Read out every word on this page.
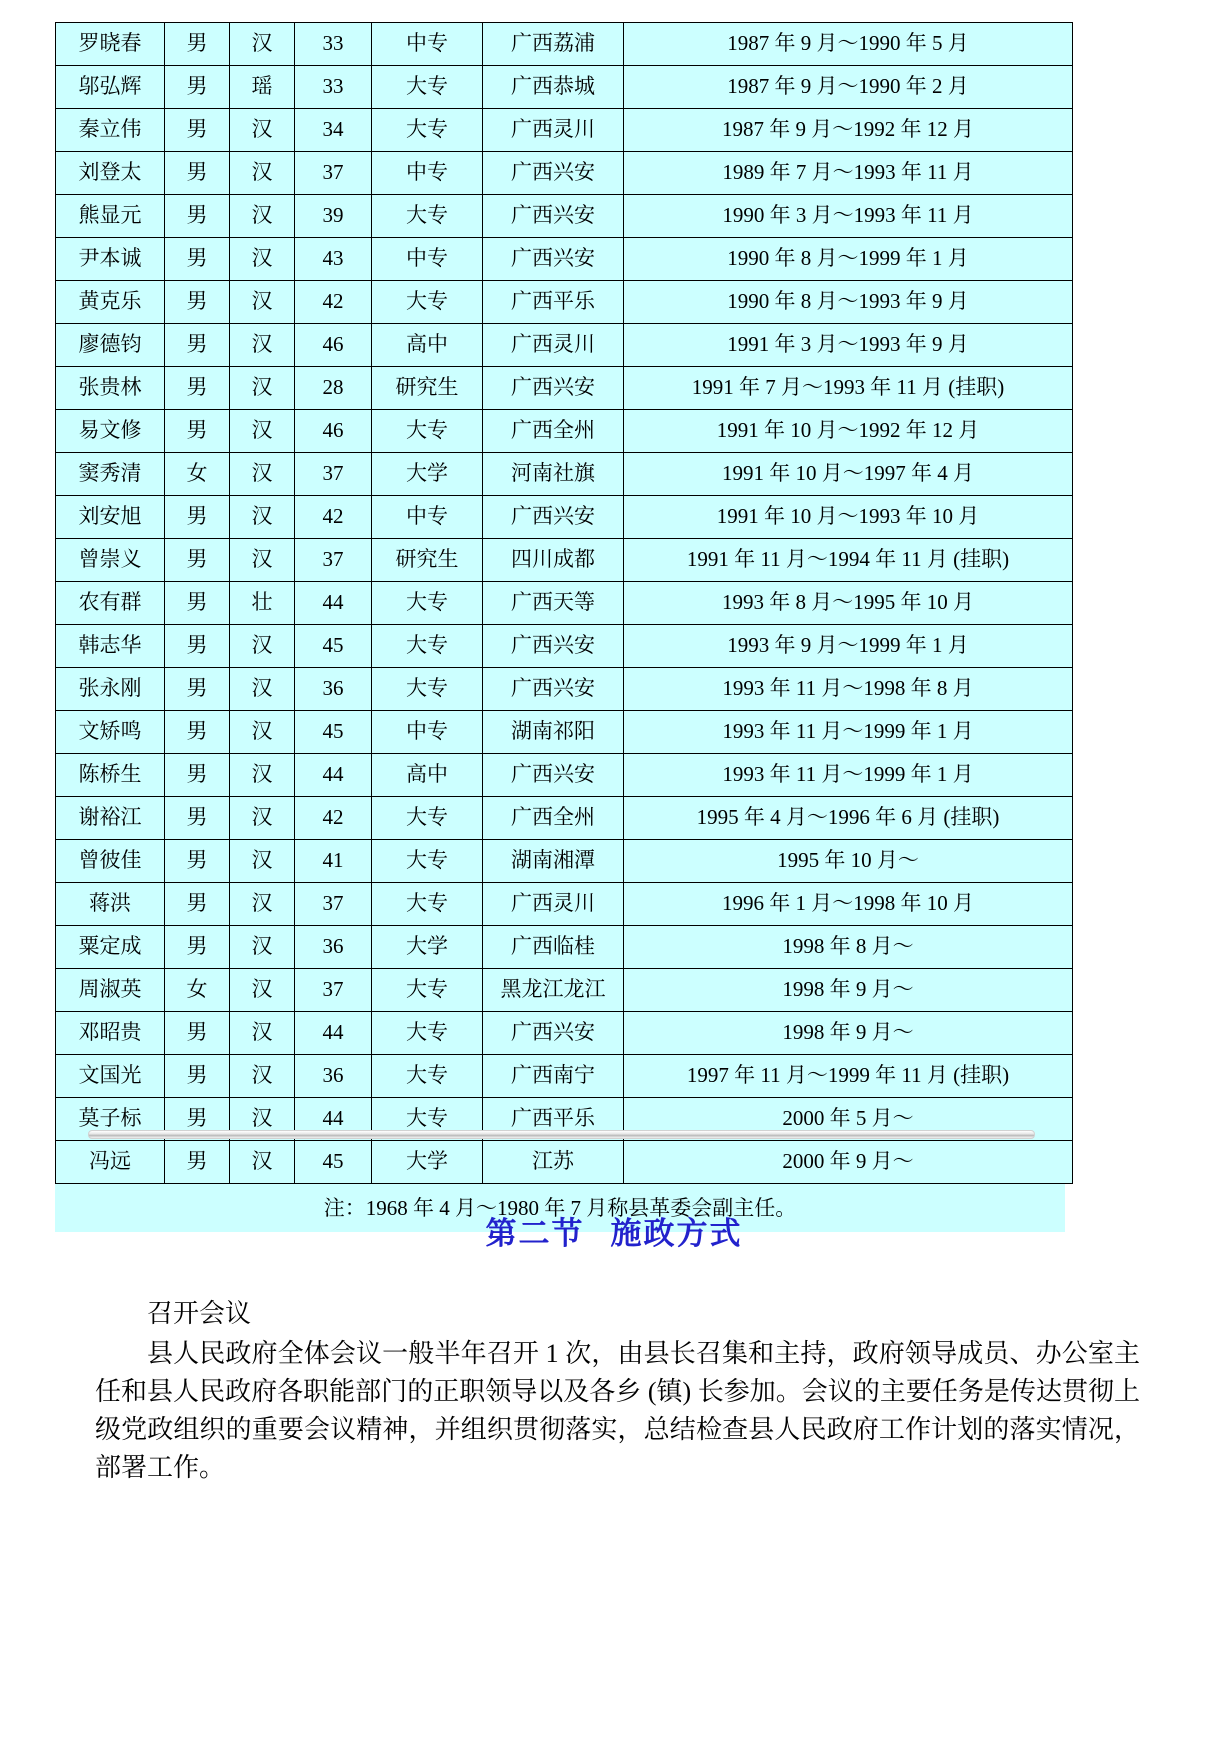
罗晓春	男	汉	33	中专	广西荔浦	1987 年 9 月～1990 年 5 月
邬弘辉	男	瑶	33	大专	广西恭城	1987 年 9 月～1990 年 2 月
秦立伟	男	汉	34	大专	广西灵川	1987 年 9 月～1992 年 12 月
刘登太	男	汉	37	中专	广西兴安	1989 年 7 月～1993 年 11 月
熊显元	男	汉	39	大专	广西兴安	1990 年 3 月～1993 年 11 月
尹本诚	男	汉	43	中专	广西兴安	1990 年 8 月～1999 年 1 月
黄克乐	男	汉	42	大专	广西平乐	1990 年 8 月～1993 年 9 月
廖德钧	男	汉	46	高中	广西灵川	1991 年 3 月～1993 年 9 月
张贵林	男	汉	28	研究生	广西兴安	1991 年 7 月～1993 年 11 月 (挂职)
易文修	男	汉	46	大专	广西全州	1991 年 10 月～1992 年 12 月
窦秀清	女	汉	37	大学	河南社旗	1991 年 10 月～1997 年 4 月
刘安旭	男	汉	42	中专	广西兴安	1991 年 10 月～1993 年 10 月
曾崇义	男	汉	37	研究生	四川成都	1991 年 11 月～1994 年 11 月 (挂职)
农有群	男	壮	44	大专	广西天等	1993 年 8 月～1995 年 10 月
韩志华	男	汉	45	大专	广西兴安	1993 年 9 月～1999 年 1 月
张永刚	男	汉	36	大专	广西兴安	1993 年 11 月～1998 年 8 月
文矫鸣	男	汉	45	中专	湖南祁阳	1993 年 11 月～1999 年 1 月
陈桥生	男	汉	44	高中	广西兴安	1993 年 11 月～1999 年 1 月
谢裕江	男	汉	42	大专	广西全州	1995 年 4 月～1996 年 6 月 (挂职)
曾彼佳	男	汉	41	大专	湖南湘潭	1995 年 10 月～
蒋洪	男	汉	37	大专	广西灵川	1996 年 1 月～1998 年 10 月
粟定成	男	汉	36	大学	广西临桂	1998 年 8 月～
周淑英	女	汉	37	大专	黑龙江龙江	1998 年 9 月～
邓昭贵	男	汉	44	大专	广西兴安	1998 年 9 月～
文国光	男	汉	36	大专	广西南宁	1997 年 11 月～1999 年 11 月 (挂职)
莫子标	男	汉	44	大专	广西平乐	2000 年 5 月～
冯远	男	汉	45	大学	江苏	2000 年 9 月～
注：1968 年 4 月～1980 年 7 月称县革委会副主任。
第二节 施政方式

召开会议

县人民政府全体会议一般半年召开 1 次，由县长召集和主持，政府领导成员、办公室主任和县人民政府各职能部门的正职领导以及各乡 (镇) 长参加。会议的主要任务是传达贯彻上级党政组织的重要会议精神，并组织贯彻落实，总结检查县人民政府工作计划的落实情况，部署工作。
